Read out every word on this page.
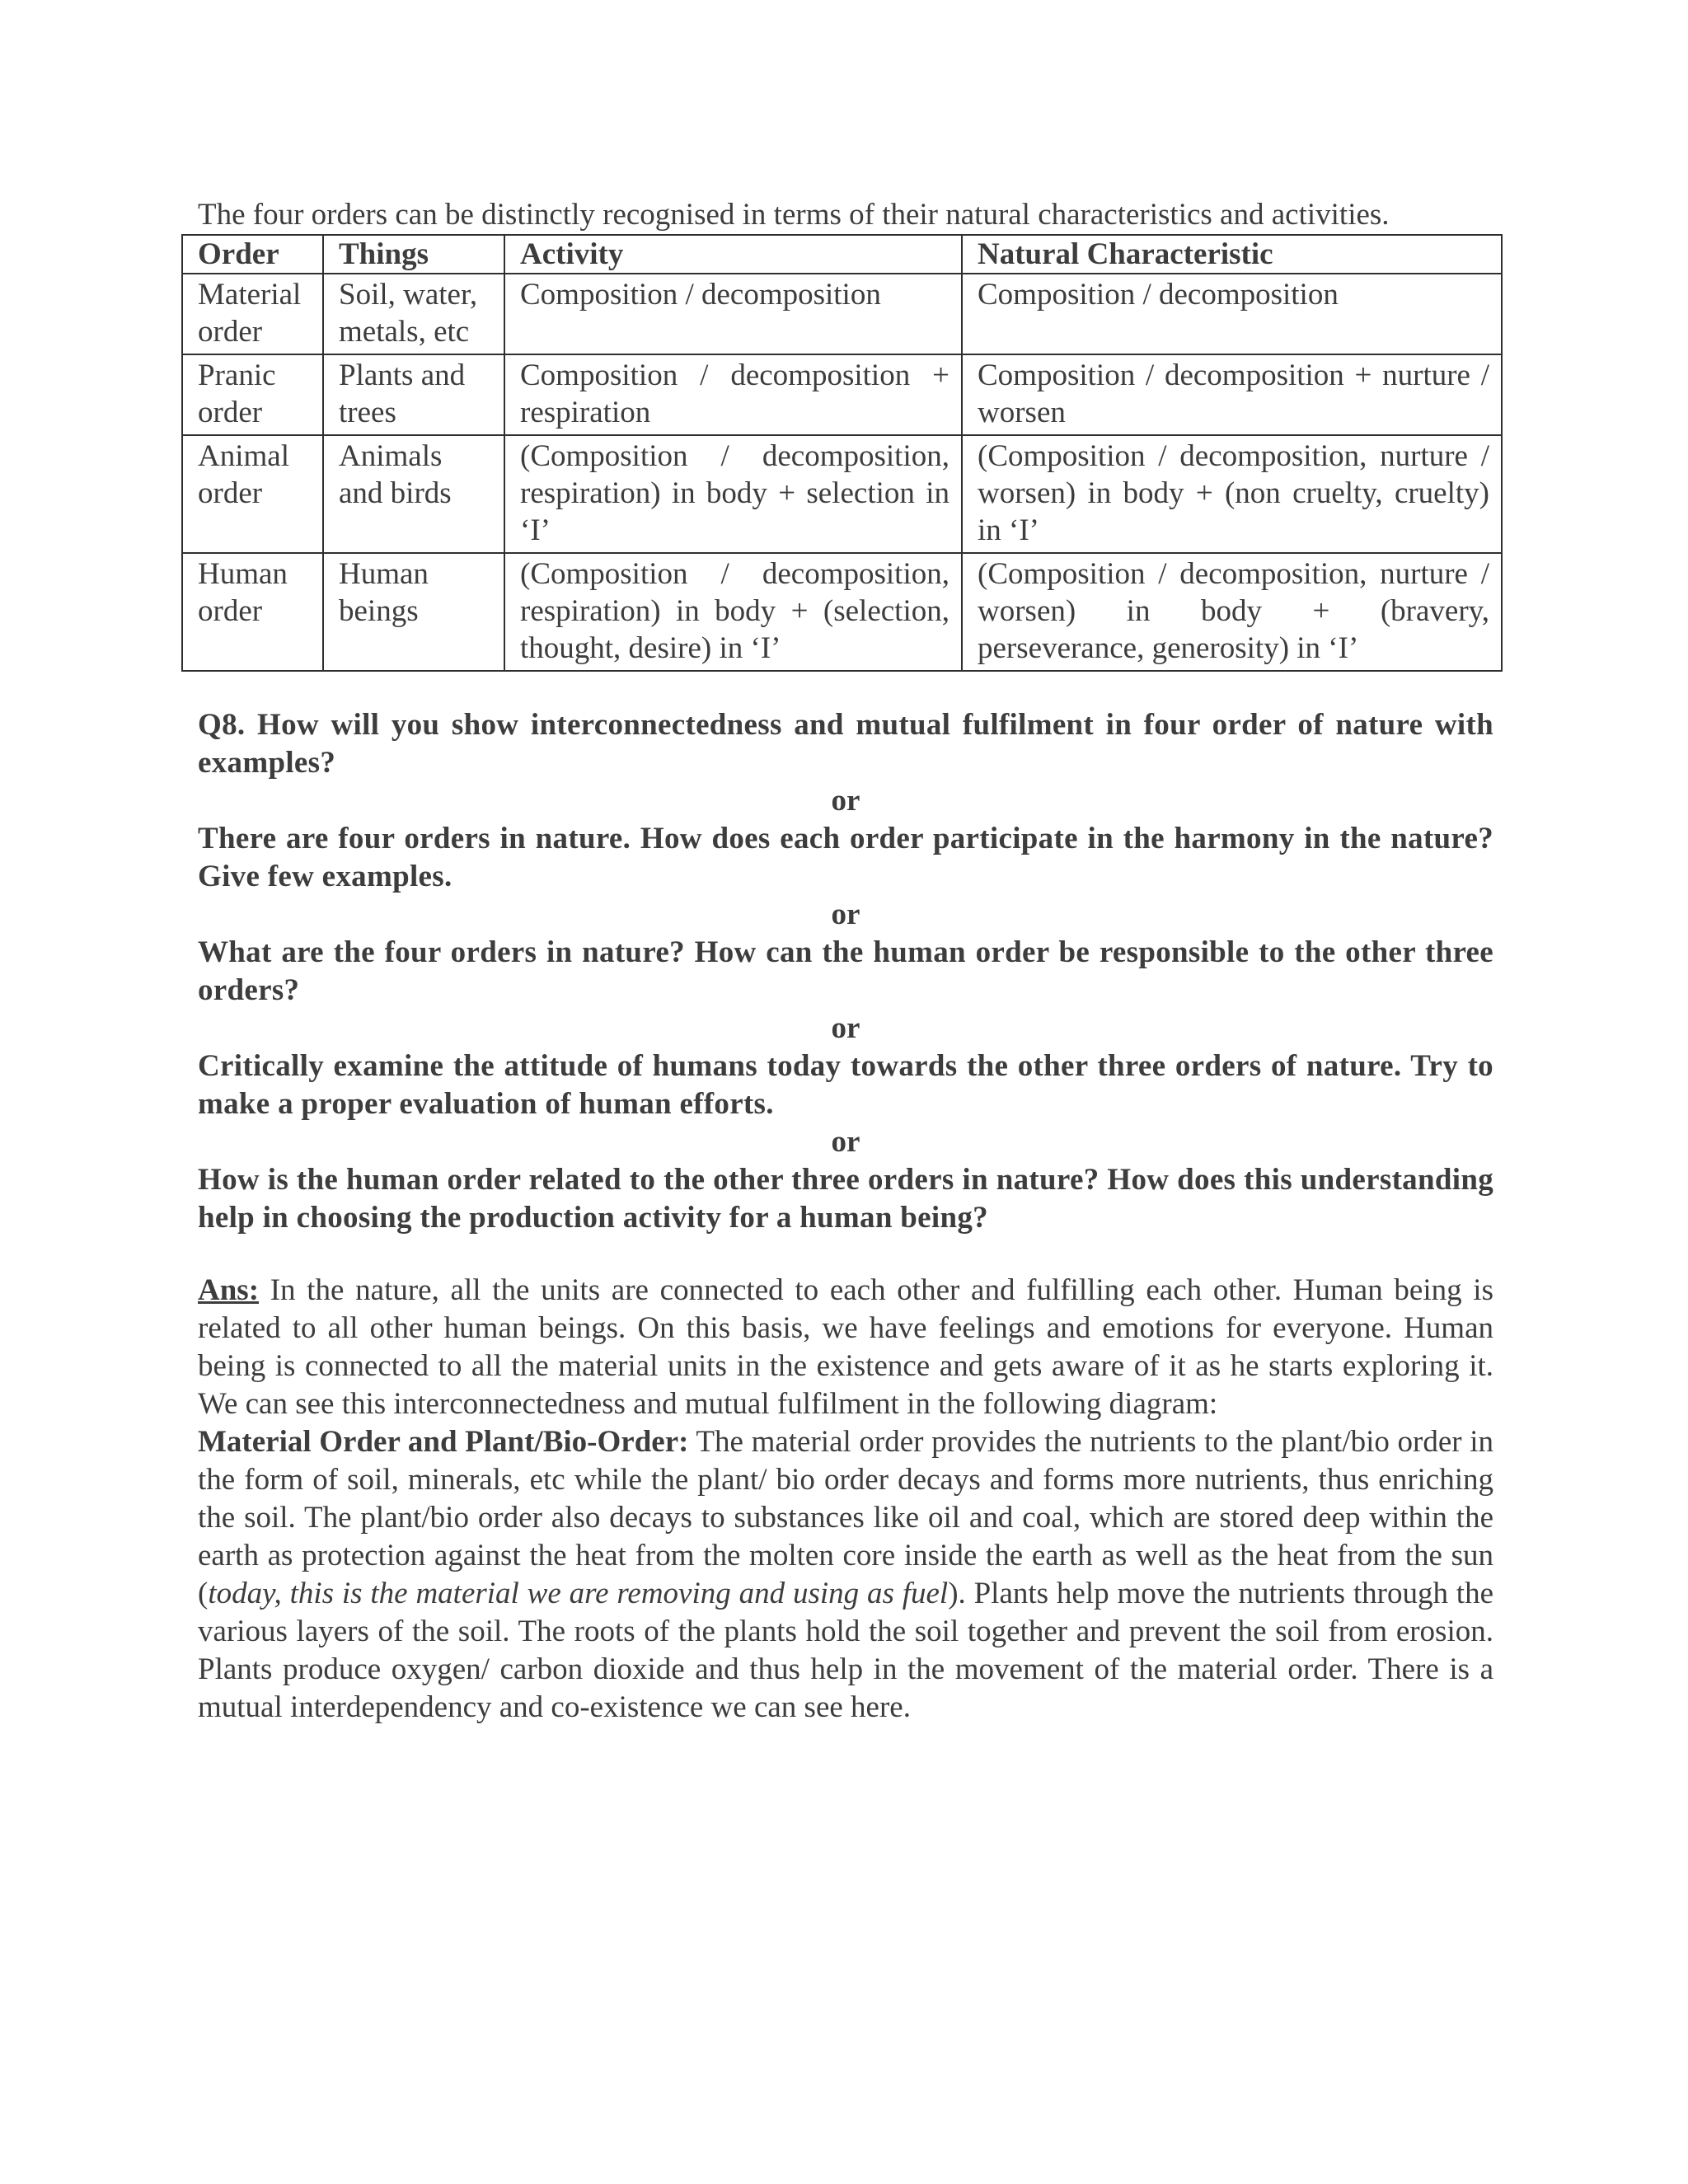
The four orders can be distinctly recognised in terms of their natural characteristics and activities.

Order	Things	Activity	Natural Characteristic
Material order	Soil, water, metals, etc	Composition / decomposition	Composition / decomposition
Pranic order	Plants and trees	Composition / decomposition + respiration	Composition / decomposition + nurture / worsen
Animal order	Animals and birds	(Composition / decomposition, respiration) in body + selection in ‘I’	(Composition / decomposition, nurture / worsen) in body + (non cruelty, cruelty) in ‘I’
Human order	Human beings	(Composition / decomposition, respiration) in body + (selection, thought, desire) in ‘I’	(Composition / decomposition, nurture / worsen) in body + (bravery, perseverance, generosity) in ‘I’

Q8. How will you show interconnectedness and mutual fulfilment in four order of nature with examples?

or

There are four orders in nature. How does each order participate in the harmony in the nature? Give few examples.

or

What are the four orders in nature? How can the human order be responsible to the other three orders?

or

Critically examine the attitude of humans today towards the other three orders of nature. Try to make a proper evaluation of human efforts.

or

How is the human order related to the other three orders in nature? How does this understanding help in choosing the production activity for a human being?

Ans: In the nature, all the units are connected to each other and fulfilling each other. Human being is related to all other human beings. On this basis, we have feelings and emotions for everyone. Human being is connected to all the material units in the existence and gets aware of it as he starts exploring it. We can see this interconnectedness and mutual fulfilment in the following diagram:

Material Order and Plant/Bio-Order: The material order provides the nutrients to the plant/bio order in the form of soil, minerals, etc while the plant/ bio order decays and forms more nutrients, thus enriching the soil. The plant/bio order also decays to substances like oil and coal, which are stored deep within the earth as protection against the heat from the molten core inside the earth as well as the heat from the sun (today, this is the material we are removing and using as fuel). Plants help move the nutrients through the various layers of the soil. The roots of the plants hold the soil together and prevent the soil from erosion. Plants produce oxygen/ carbon dioxide and thus help in the movement of the material order. There is a mutual interdependency and co-existence we can see here.
